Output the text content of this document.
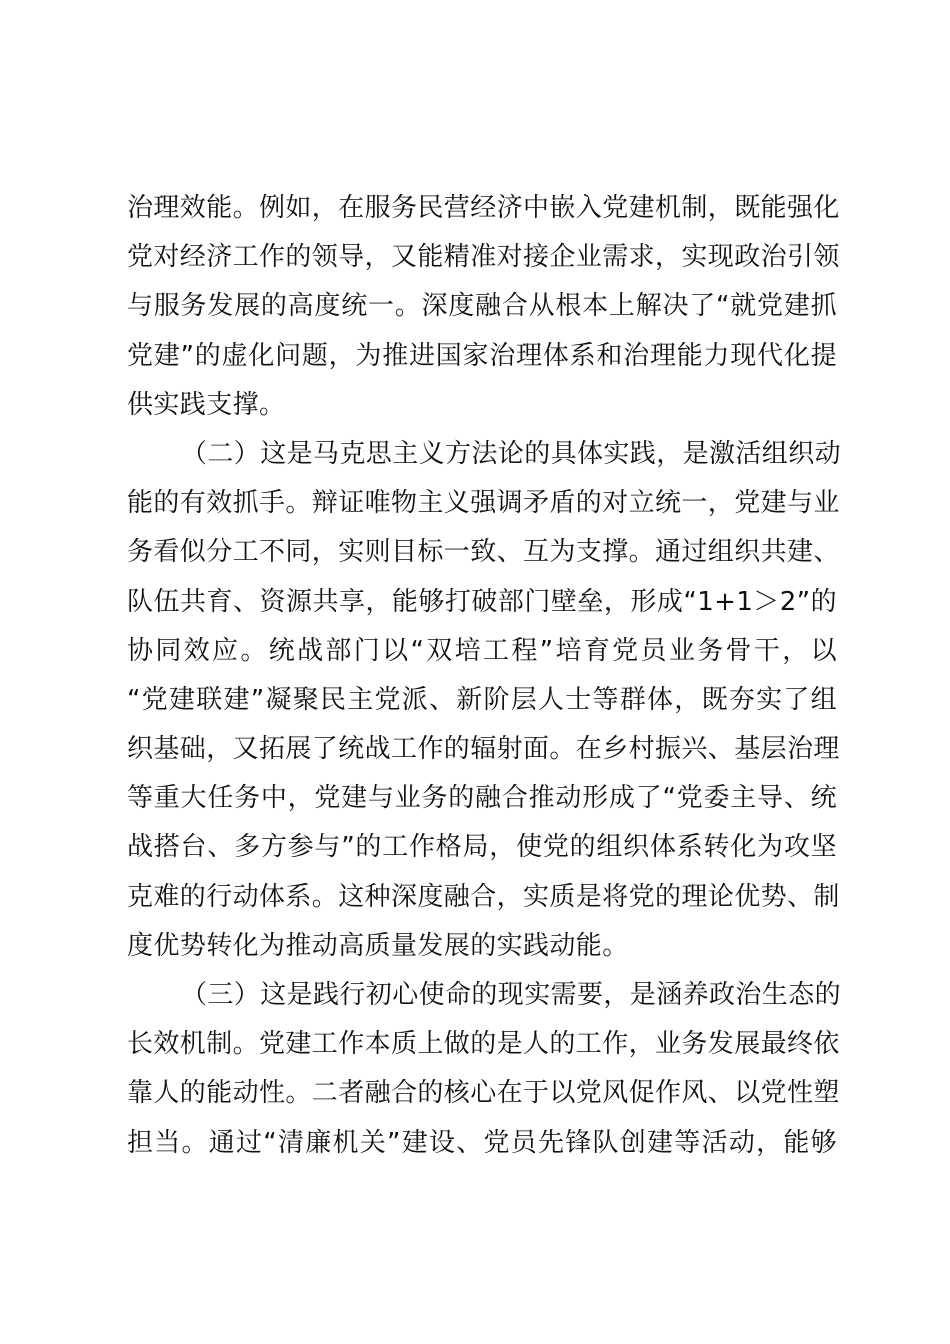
治理效能。例如，在服务民营经济中嵌入党建机制，既能强化
党对经济工作的领导，又能精准对接企业需求，实现政治引领
与服务发展的高度统一。深度融合从根本上解决了“就党建抓
党建”的虚化问题，为推进国家治理体系和治理能力现代化提
供实践支撑。
（二）这是马克思主义方法论的具体实践，是激活组织动
能的有效抓手。辩证唯物主义强调矛盾的对立统一，党建与业
务看似分工不同，实则目标一致、互为支撑。通过组织共建、
队伍共育、资源共享，能够打破部门壁垒，形成“1+1＞2”的
协同效应。统战部门以“双培工程”培育党员业务骨干，以
“党建联建”凝聚民主党派、新阶层人士等群体，既夯实了组
织基础，又拓展了统战工作的辐射面。在乡村振兴、基层治理
等重大任务中，党建与业务的融合推动形成了“党委主导、统
战搭台、多方参与”的工作格局，使党的组织体系转化为攻坚
克难的行动体系。这种深度融合，实质是将党的理论优势、制
度优势转化为推动高质量发展的实践动能。
（三）这是践行初心使命的现实需要，是涵养政治生态的
长效机制。党建工作本质上做的是人的工作，业务发展最终依
靠人的能动性。二者融合的核心在于以党风促作风、以党性塑
担当。通过“清廉机关”建设、党员先锋队创建等活动，能够
